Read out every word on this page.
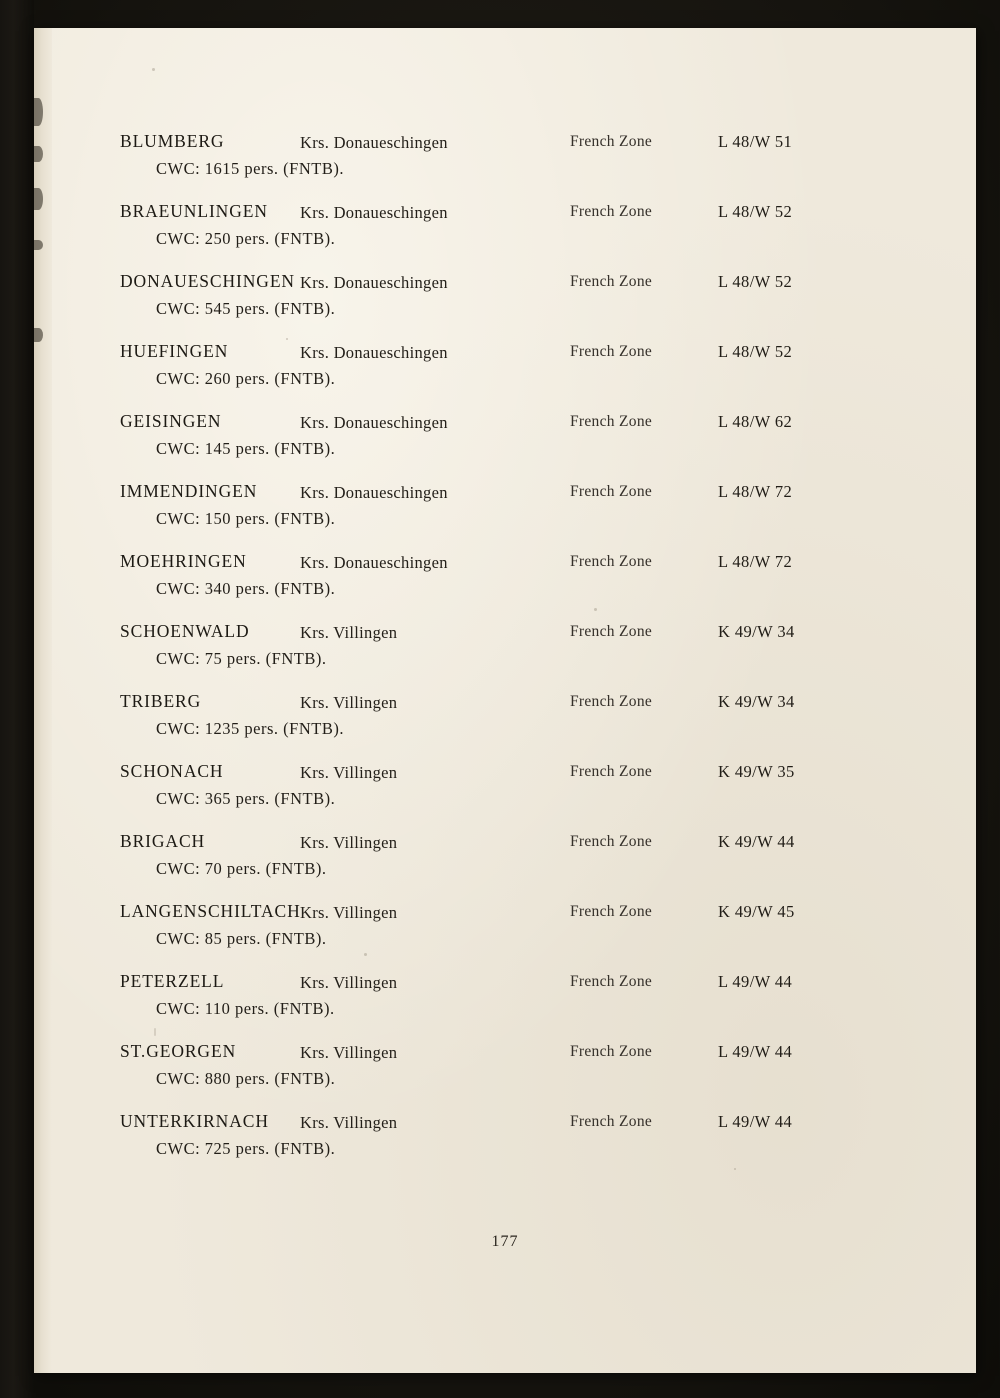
BLUMBERG	Krs. Donaueschingen	French Zone	L 48/W 51
CWC: 1615 pers. (FNTB).
BRAEUNLINGEN Krs. Donaueschingen	French Zone	L 48/W 52
CWC: 250 pers. (FNTB).
DONAUESCHINGEN Krs. Donaueschingen	French Zone	L 48/W 52
CWC: 545 pers. (FNTB).
HUEFINGEN	Krs. Donaueschingen	French Zone	L 48/W 52
CWC: 260 pers. (FNTB).
GEISINGEN	Krs. Donaueschingen	French Zone	L 48/W 62
CWC: 145 pers. (FNTB).
IMMENDINGEN	Krs. Donaueschingen	French Zone	L 48/W 72
CWC: 150 pers. (FNTB).
MOEHRINGEN	Krs. Donaueschingen	French Zone	L 48/W 72
CWC: 340 pers. (FNTB).
SCHOENWALD	Krs. Villingen	French Zone	K 49/W 34
CWC: 75 pers. (FNTB).
TRIBERG	Krs. Villingen	French Zone	K 49/W 34
CWC: 1235 pers. (FNTB).
SCHONACH	Krs. Villingen	French Zone	K 49/W 35
CWC: 365 pers. (FNTB).
BRIGACH	Krs. Villingen	French Zone	K 49/W 44
CWC: 70 pers. (FNTB).
LANGENSCHILTACH Krs. Villingen	French Zone	K 49/W 45
CWC: 85 pers. (FNTB).
PETERZELL	Krs. Villingen	French Zone	L 49/W 44
CWC: 110 pers. (FNTB).
ST.GEORGEN	Krs. Villingen	French Zone	L 49/W 44
CWC: 880 pers. (FNTB).
UNTERKIRNACH Krs. Villingen	French Zone	L 49/W 44
CWC: 725 pers. (FNTB).
177
